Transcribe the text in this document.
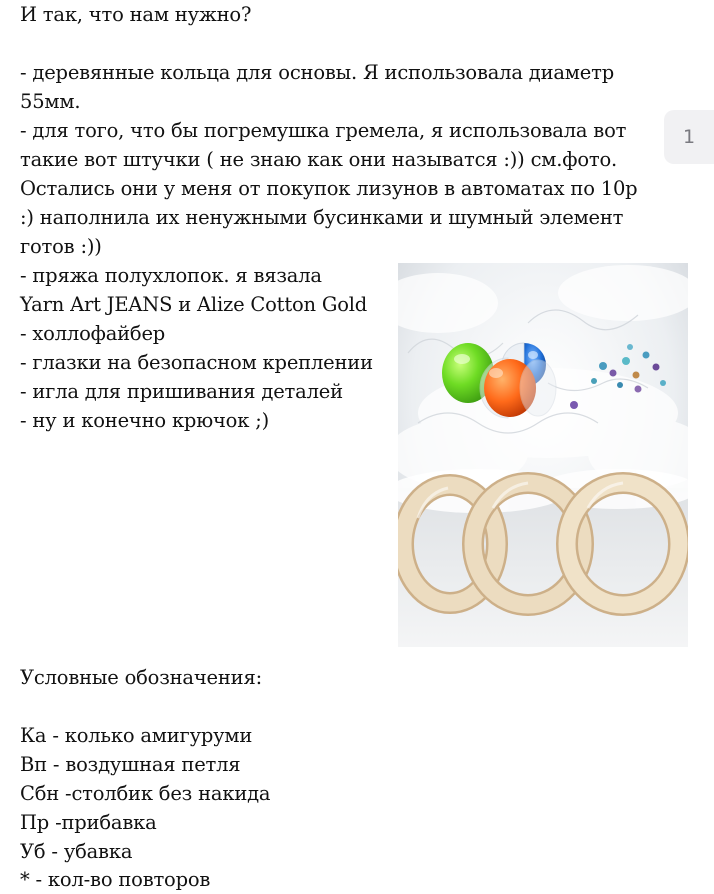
И так, что нам нужно?

- деревянные кольца для основы. Я использовала диаметр

55мм.

- для того, что бы погремушка гремела, я использовала вот

такие вот штучки ( не знаю как они называтся :)) см.фото.

Остались они у меня от покупок лизунов в автоматах по 10р

:) наполнила их ненужными бусинками и шумный элемент

готов :))

- пряжа полухлопок. я вязала

Yarn Art JEANS и Alize Cotton Gold

- холлофайбер

- глазки на безопасном креплении

- игла для пришивания деталей

- ну и конечно крючок ;)

Условные обозначения:

Ка - колько амигуруми

Вп - воздушная петля

Сбн -столбик без накида

Пр -прибавка

Уб - убавка

* - кол-во повторов

1
